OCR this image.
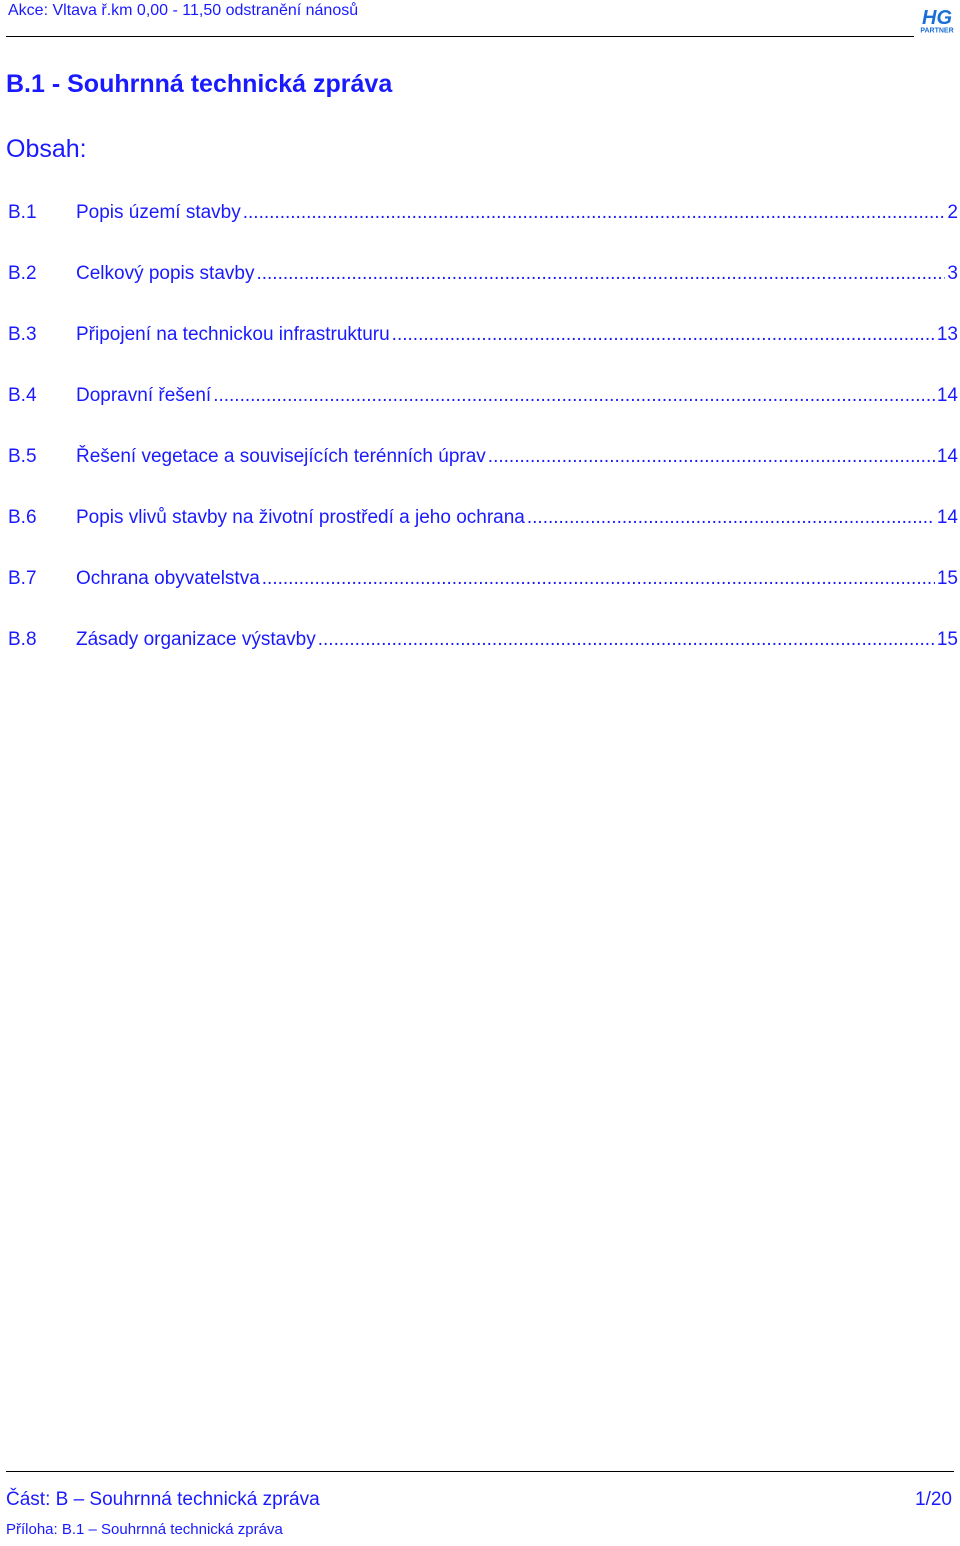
Akce: Vltava ř.km 0,00 - 11,50 odstranění nánosů	HG
PARTNER
B.1 - Souhrnná technická zpráva
Obsah:
B.1	Popis území stavby .....	2
B.2	Celkový popis stavby .....	3
B.3	Připojení na technickou infrastrukturu .....	13
B.4	Dopravní řešení .....	14
B.5	Řešení vegetace a souvisejících terénních úprav .....	14
B.6	Popis vlivů stavby na životní prostředí a jeho ochrana .....	14
B.7	Ochrana obyvatelstva .....	15
B.8	Zásady organizace výstavby .....	15
Část: B – Souhrnná technická zpráva	1/20
Příloha: B.1 – Souhrnná technická zpráva
